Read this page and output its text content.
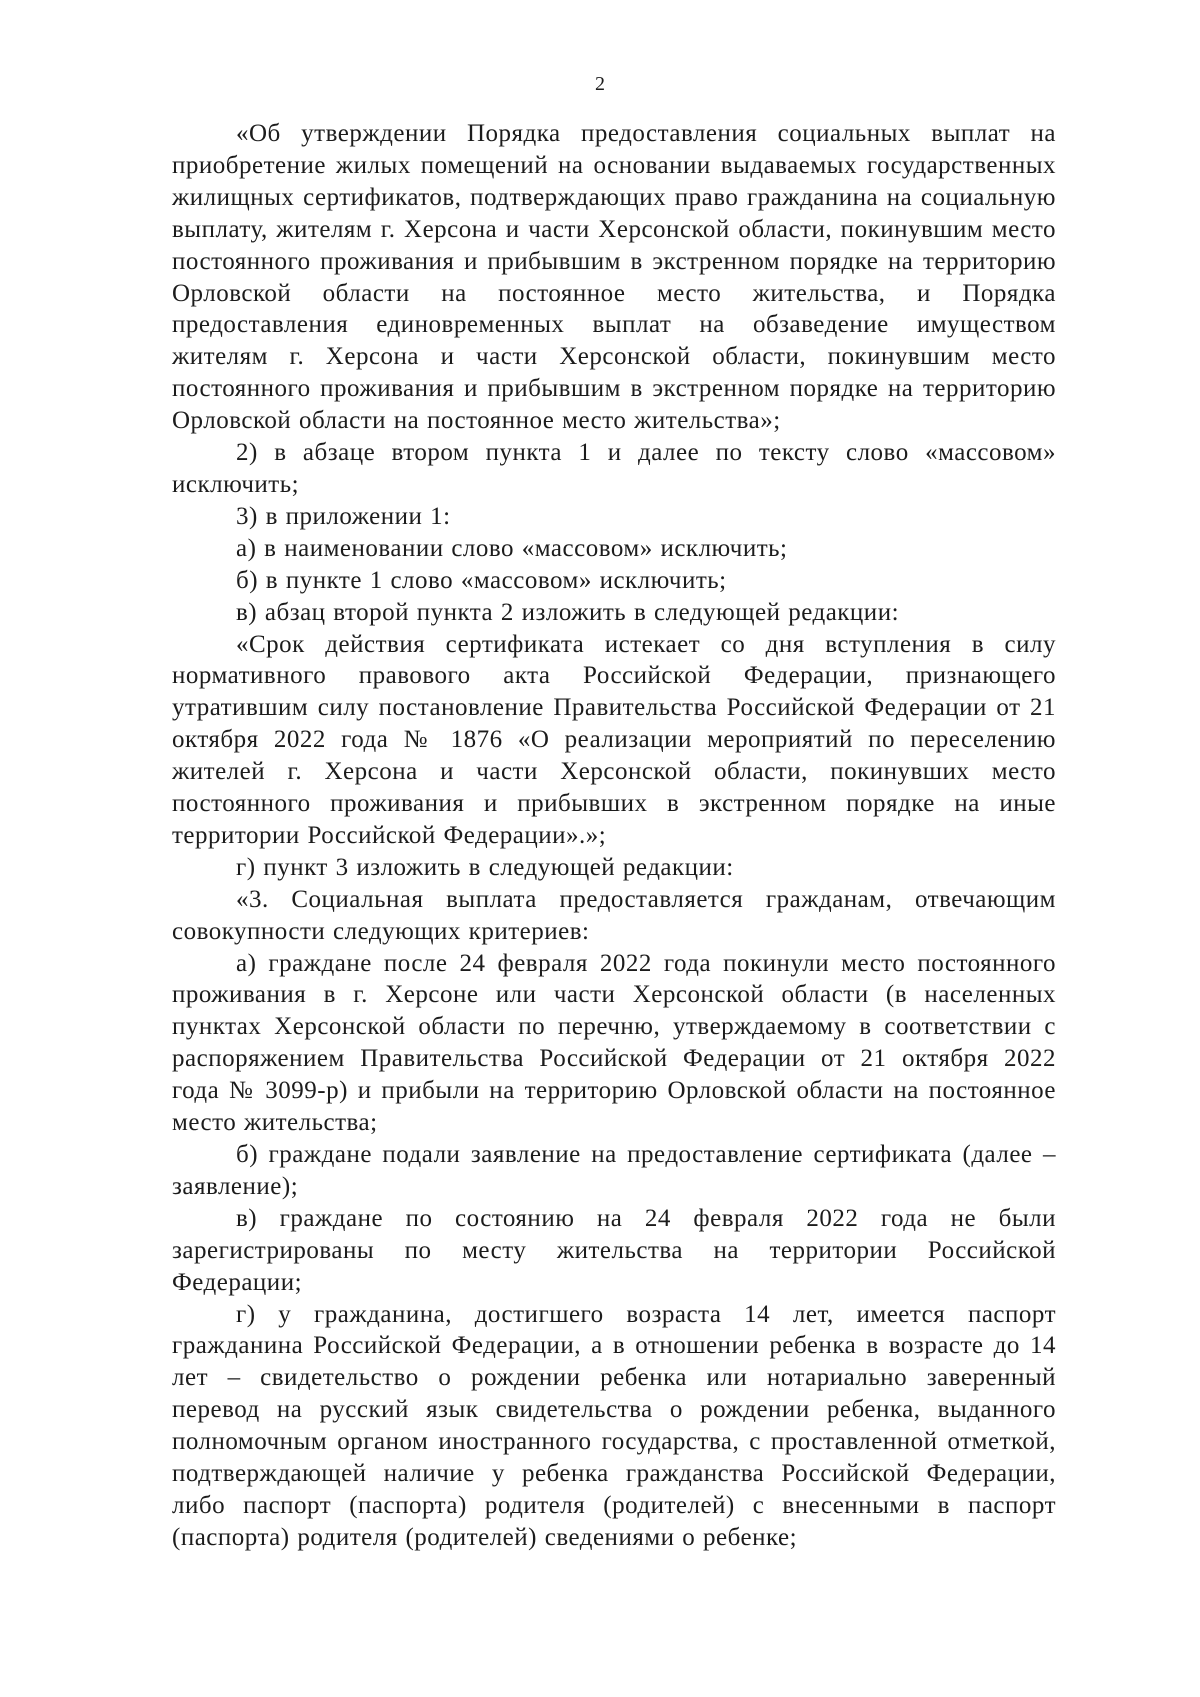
2

«Об утверждении Порядка предоставления социальных выплат на приобретение жилых помещений на основании выдаваемых государственных жилищных сертификатов, подтверждающих право гражданина на социальную выплату, жителям г. Херсона и части Херсонской области, покинувшим место постоянного проживания и прибывшим в экстренном порядке на территорию Орловской области на постоянное место жительства, и Порядка предоставления единовременных выплат на обзаведение имуществом жителям г. Херсона и части Херсонской области, покинувшим место постоянного проживания и прибывшим в экстренном порядке на территорию Орловской области на постоянное место жительства»;

2) в абзаце втором пункта 1 и далее по тексту слово «массовом» исключить;

3) в приложении 1:

а) в наименовании слово «массовом» исключить;

б) в пункте 1 слово «массовом» исключить;

в) абзац второй пункта 2 изложить в следующей редакции:

«Срок действия сертификата истекает со дня вступления в силу нормативного правового акта Российской Федерации, признающего утратившим силу постановление Правительства Российской Федерации от 21 октября 2022 года № 1876 «О реализации мероприятий по переселению жителей г. Херсона и части Херсонской области, покинувших место постоянного проживания и прибывших в экстренном порядке на иные территории Российской Федерации».»;

г) пункт 3 изложить в следующей редакции:

«3. Социальная выплата предоставляется гражданам, отвечающим совокупности следующих критериев:

а) граждане после 24 февраля 2022 года покинули место постоянного проживания в г. Херсоне или части Херсонской области (в населенных пунктах Херсонской области по перечню, утверждаемому в соответствии с распоряжением Правительства Российской Федерации от 21 октября 2022 года № 3099-р) и прибыли на территорию Орловской области на постоянное место жительства;

б) граждане подали заявление на предоставление сертификата (далее – заявление);

в) граждане по состоянию на 24 февраля 2022 года не были зарегистрированы по месту жительства на территории Российской Федерации;

г) у гражданина, достигшего возраста 14 лет, имеется паспорт гражданина Российской Федерации, а в отношении ребенка в возрасте до 14 лет – свидетельство о рождении ребенка или нотариально заверенный перевод на русский язык свидетельства о рождении ребенка, выданного полномочным органом иностранного государства, с проставленной отметкой, подтверждающей наличие у ребенка гражданства Российской Федерации, либо паспорт (паспорта) родителя (родителей) с внесенными в паспорт (паспорта) родителя (родителей) сведениями о ребенке;
